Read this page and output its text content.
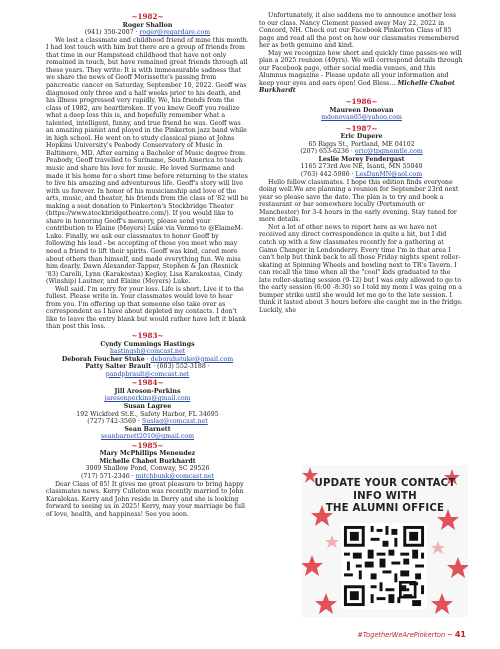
~1982~
Roger Shallon
(941) 350-2007 · roger@regardare.com

We lost a classmate and childhood friend of mine this month. I had lost touch with him but there are a group of friends from that time in our Hampstead childhood that have not only remained in touch, but have remained great friends through all these years. They write: It is with immeasurable sadness that we share the news of Geoff Morissette's passing from pancreatic cancer on Saturday, September 10, 2022. Geoff was diagnosed only three and a half weeks prior to his death, and his illness progressed very rapidly. We, his friends from the class of 1982, are heartbroken. If you knew Geoff you realize what a deep loss this is, and hopefully remember what a talented, intelligent, funny, and true friend he was. Geoff was an amazing pianist and played in the Pinkerton jazz band while in high school. He went on to study classical piano at Johns Hopkins University's Peabody Conservatory of Music in Baltimore, MD. After earning a Bachelor of Music degree from Peabody, Geoff travelled to Suriname, South America to teach music and share his love for music. He loved Suriname and made it his home for a short time before returning to the states to live his amazing and adventurous life. Geoff's story will live with us forever. In honor of his musicianship and love of the arts, music, and theater, his friends from the class of '82 will be making a seat donation to Pinkerton's Stockbridge Theater (https://www.stockbridgetheatre.com/). If you would like to share in honoring Geoff's memory, please send your contribution to Elaine (Meyers) Luke via Venmo to @ElaineM-Luke. Finally, we ask our classmates to honor Geoff by following his lead - be accepting of those you meet who may need a friend to lift their spirits. Geoff was kind, cared more about others than himself, and made everything fun. We miss him dearly. Dawn Alexander-Tapper, Stephen & Jan (Resnick '83) Carelli, Lynn (Karakostas) Kegley, Lisa Karakostas, Cindy (Winship) Lautner, and Elaine (Meyers) Luke.

Well said. I'm sorry for your loss. Life is short. Live it to the fullest. Please write in. Your classmates would love to hear from you. I'm offering up that someone else take over as correspondent as I have about depleted my contacts. I don't like to leave the entry blank but would rather have left it blank than post this loss.

~1983~
Cyndy Cummings Hastings
hastingsh@comcast.net
Deborah Foucher Stuke · deborahstuke@gmail.com
Patty Salter Brault · (603) 552-3188 · pandpbrault@comcast.net
~1984~
Jill Aroson-Perkins
jaresonperkins@gmail.com
Susan Lagree
192 Wickford St.E., Safety Harbor, FL 34695
(727) 742-3569 · Suslag@comcast.net
Sean Barnett
seanbarnett2010@gmail.com
~1985~
Mary McPhillips Menendez
Michelle Chabot Burkhardt
3009 Shallow Pond, Conway, SC 29526
(717) 571-2346 · mitchbunk@comcast.net

Dear Class of 85! It gives me great pleasure to bring happy classmates news. Kerry Culleton was recently married to John Karalekas. Kerry and John reside in Derry and she is looking forward to seeing us in 2025! Kerry, may your marriage be full of love, health, and happiness! See you soon.

Unfortunately, it also saddens me to announce another loss to our class. Nancy Clement passed away May 22, 2022 in Concord, NH. Check out our Facebook Pinkerton Class of 85 page and read all the post on how our classmates remembered her as both genuine and kind.

May we recognize how short and quickly time passes-we will plan a 2025 reunion (40yrs). We will correspond details through our Facebook page, other social media venues, and this Alumnus magazine - Please update all your information and keep your eyes and ears open! God Bless... Michelle Chabot Burkhardt

~1986~
Maureen Donovan
mdonovan65@yahoo.com
~1987~
Eric Dupere
65 Riggs St., Portland, ME 04102
(207) 653-6236 · eric@tpgmemtle.com
Leslie Morey Fendergast
1165 273rd Ave NE, Isanti, MN 55040
(763) 442-5986 · LesDanMN@aol.com

Hello fellow classmates. I hope this edition finds everyone doing well.We are planning a reunion for September 23rd next year so please save the date. The plan is to try and book a restaurant or bar somewhere locally (Portsmouth or Manchester) for 3-4 hours in the early evening. Stay tuned for more details.

Not a lot of other news to report here as we have not received any direct correspondence in quite a bit, but I did catch up with a few classmates recently for a gathering at Game Changer in Londonderry. Every time I'm in that area I can't help but think back to all those Friday nights spent roller-skating at Spinning Wheels and bowling next to TR's Tavern. I can recall the time when all the "cool" kids graduated to the late roller-skating session (9-12) but I was only allowed to go to the early session (6:00 -8:30) so I told my mom I was going on a bumper strike until she would let me go to the late session. I think it lasted about 3 hours before she caught me in the fridge. Luckily, she

UPDATE YOUR CONTACT
INFO WITH
THE ALUMNI OFFICE
#TogetherWeArePinkerton ~ 41
